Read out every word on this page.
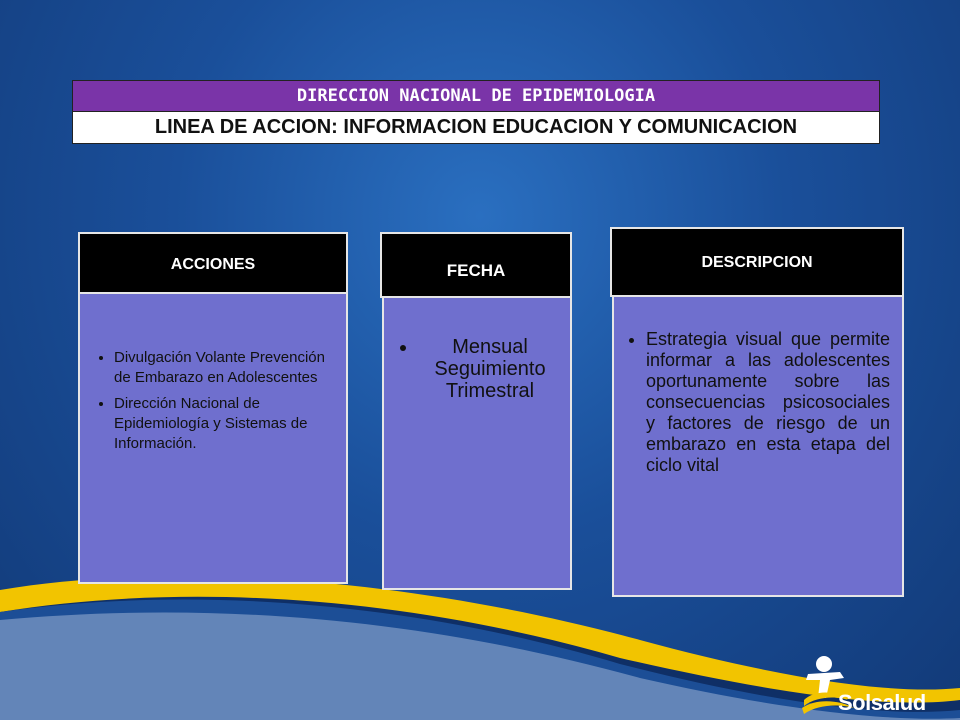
DIRECCION NACIONAL DE EPIDEMIOLOGIA
LINEA DE ACCION: INFORMACION EDUCACION Y COMUNICACION
• Divulgación Volante Prevención de Embarazo en Adolescentes
• Dirección Nacional de Epidemiología y Sistemas de Información.
ACCIONES
• Mensual Seguimiento Trimestral
FECHA
• Estrategia visual que permite informar a las adolescentes oportunamente sobre las consecuencias psicosociales y factores de riesgo de un embarazo en esta etapa del ciclo vital
DESCRIPCION
Solsalud
